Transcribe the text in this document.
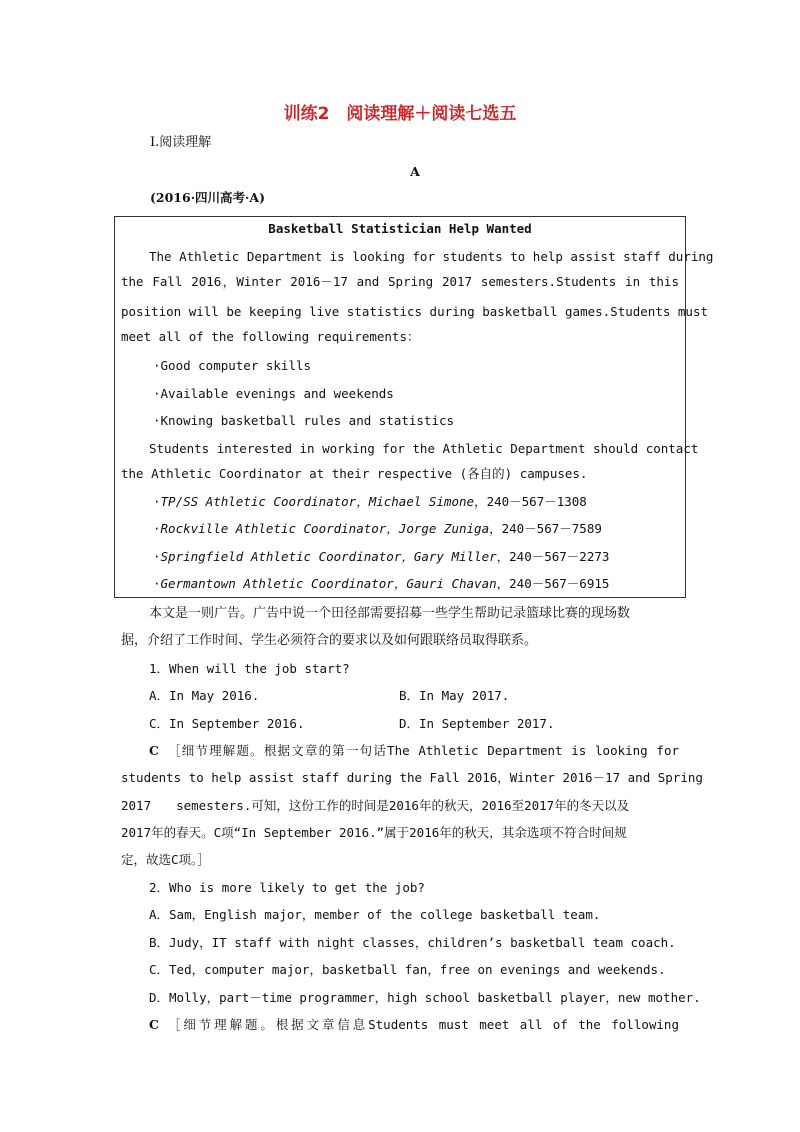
训练2　阅读理解＋阅读七选五
Ⅰ.阅读理解
A
(2016·四川高考·A)
Basketball Statistician Help Wanted
The Athletic Department is looking for students to help assist staff during
the Fall 2016，Winter 2016－17 and Spring 2017 semesters.Students in this
position will be keeping live statistics during basketball games.Students must
meet all of the following requirements：
·Good computer skills
·Available evenings and weekends
·Knowing basketball rules and statistics
Students interested in working for the Athletic Department should contact
the Athletic Coordinator at their respective (各自的) campuses.
·TP/SS Athletic Coordinator，Michael Simone，240－567－1308
·Rockville Athletic Coordinator，Jorge Zuniga，240－567－7589
·Springfield Athletic Coordinator，Gary Miller，240－567－2273
·Germantown Athletic Coordinator，Gauri Chavan，240－567－6915
本文是一则广告。广告中说一个田径部需要招募一些学生帮助记录篮球比赛的现场数
据，介绍了工作时间、学生必须符合的要求以及如何跟联络员取得联系。
1．When will the job start?
A．In May 2016.	B．In May 2017.
C．In September 2016.	D．In September 2017.
C ［细节理解题。根据文章的第一句话The Athletic Department is looking for
students to help assist staff during the Fall 2016，Winter 2016－17 and Spring
2017　　semesters.可知，这份工作的时间是2016年的秋天，2016至2017年的冬天以及
2017年的春天。C项“In September 2016.”属于2016年的秋天，其余选项不符合时间规
定，故选C项。］
2．Who is more likely to get the job?
A．Sam，English major，member of the college basketball team.
B．Judy，IT staff with night classes，children’s basketball team coach.
C．Ted，computer major，basketball fan，free on evenings and weekends.
D．Molly，part－time programmer，high school basketball player，new mother.
C ［细节理解题。根据文章信息Students must meet all of the following
